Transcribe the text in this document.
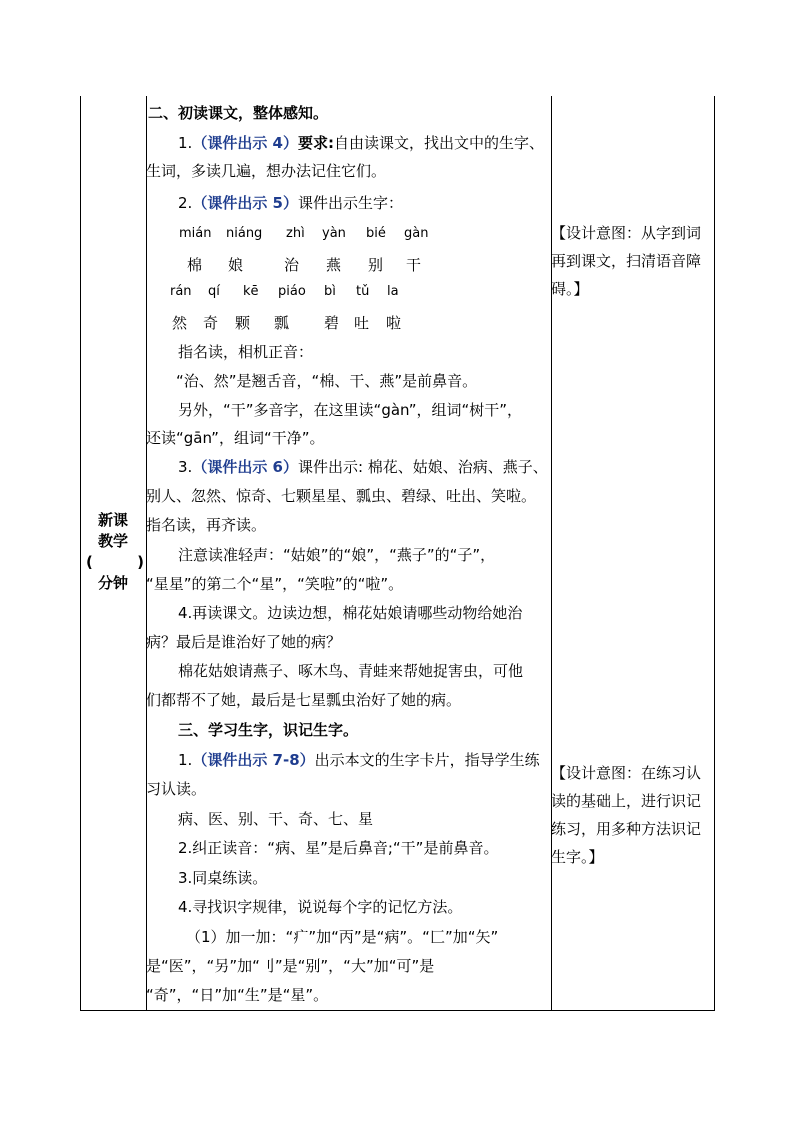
新课
教学
(	)
分钟
二、初读课文，整体感知。
1.（课件出示 4）要求:自由读课文，找出文中的生字、
生词，多读几遍，想办法记住它们。
2.（课件出示 5）课件出示生字：
mián niáng zhì yàn bié gàn
棉 娘	治 燕 别 干
rán qí kē piáo bì tǔ la
然 奇 颗 瓢 碧 吐 啦
指名读，相机正音：
“治、然”是翘舌音，“棉、干、燕”是前鼻音。
另外，“干”多音字，在这里读“gàn”，组词“树干”，
还读“gān”，组词“干净”。
3.（课件出示 6）课件出示: 棉花、姑娘、治病、燕子、
别人、忽然、惊奇、七颗星星、瓢虫、碧绿、吐出、笑啦。
指名读，再齐读。
注意读准轻声：“姑娘”的“娘”，“燕子”的“子”，
“星星”的第二个“星”，“笑啦”的“啦”。
4.再读课文。边读边想，棉花姑娘请哪些动物给她治
病？最后是谁治好了她的病？
棉花姑娘请燕子、啄木鸟、青蛙来帮她捉害虫，可他
们都帮不了她，最后是七星瓢虫治好了她的病。
三、学习生字，识记生字。
1.（课件出示 7-8）出示本文的生字卡片，指导学生练
习认读。
病、医、别、干、奇、七、星
2.纠正读音：“病、星”是后鼻音;“干”是前鼻音。
3.同桌练读。
4.寻找识字规律，说说每个字的记忆方法。
（1）加一加：“疒”加“丙”是“病”。“匚”加“矢”
是“医”，“另”加“刂”是“别”，“大”加“可”是
“奇”，“日”加“生”是“星”。
【设计意图：从字到词
再到课文，扫清语音障
碍。】
【设计意图：在练习认
读的基础上，进行识记
练习，用多种方法识记
生字。】
